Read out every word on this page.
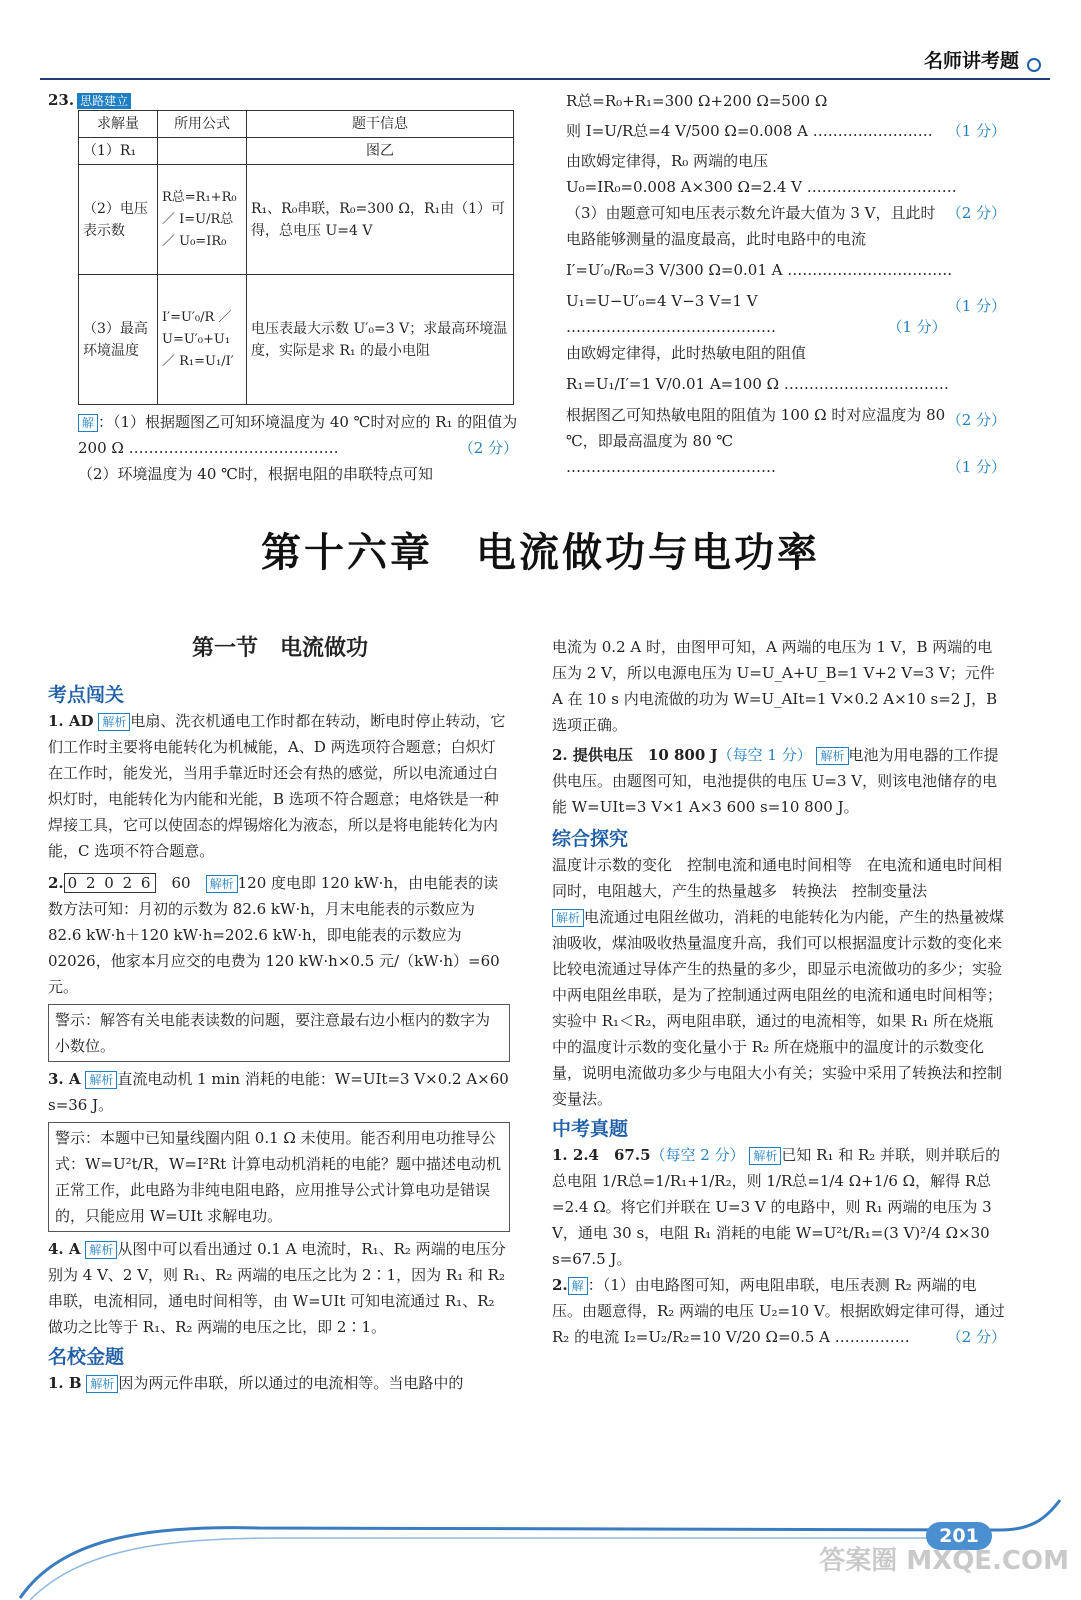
名师讲考题
23. 思路建立
求解量	所用公式	题干信息
（1）R₁		图乙
（2）电压表示数	R总=R₁+R₀ ／ I=U/R总 ／ U₀=IR₀	R₁、R₀串联，R₀=300 Ω，R₁由（1）可得，总电压 U=4 V
（3）最高环境温度	I′=U′₀/R ／ U=U′₀+U₁ ／ R₁=U₁/I′	电压表最大示数 U′₀=3 V；求最高环境温度，实际是求 R₁ 的最小电阻

解 ：（1）根据题图乙可知环境温度为 40 ℃时对应的 R₁ 的阻值为 200 Ω ……………………………………	（2 分）

（2）环境温度为 40 ℃时，根据电阻的串联特点可知

R总=R₀+R₁=300 Ω+200 Ω=500 Ω

则 I=U/R总=4 V/500 Ω=0.008 A …………………… （1 分）

由欧姆定律得，R₀ 两端的电压

U₀=IR₀=0.008 A×300 Ω=2.4 V …………………………
（2 分）

（3）由题意可知电压表示数允许最大值为 3 V，且此时电路能够测量的温度最高，此时电路中的电流

I′=U′₀/R₀=3 V/300 Ω=0.01 A ……………………………
（1 分）

U₁=U−U′₀=4 V−3 V=1 V ……………………………………	（1 分）

由欧姆定律得，此时热敏电阻的阻值

R₁=U₁/I′=1 V/0.01 A=100 Ω ……………………………
（2 分）

根据图乙可知热敏电阻的阻值为 100 Ω 时对应温度为 80 ℃，即最高温度为 80 ℃ ……………………………………	（1 分）

第十六章　电流做功与电功率
第一节　电流做功
考点闯关

1. AD 解析 电扇、洗衣机通电工作时都在转动，断电时停止转动，它们工作时主要将电能转化为机械能，A、D 两选项符合题意；白炽灯在工作时，能发光，当用手靠近时还会有热的感觉，所以电流通过白炽灯时，电能转化为内能和光能，B 选项不符合题意；电烙铁是一种焊接工具，它可以使固态的焊锡熔化为液态，所以是将电能转化为内能，C 选项不符合题意。

2. 0 2 0 2 6　 60　 解析 120 度电即 120 kW·h，由电能表的读数方法可知：月初的示数为 82.6 kW·h，月末电能表的示数应为 82.6 kW·h＋120 kW·h=202.6 kW·h，即电能表的示数应为 02026，他家本月应交的电费为 120 kW·h×0.5 元/（kW·h）=60 元。

警示：解答有关电能表读数的问题，要注意最右边小框内的数字为小数位。

3. A 解析 直流电动机 1 min 消耗的电能：W=UIt=3 V×0.2 A×60 s=36 J。

警示：本题中已知量线圈内阻 0.1 Ω 未使用。能否利用电功推导公式：W=U²t/R，W=I²Rt 计算电动机消耗的电能？题中描述电动机正常工作，此电路为非纯电阻电路，应用推导公式计算电功是错误的，只能应用 W=UIt 求解电功。

4. A 解析 从图中可以看出通过 0.1 A 电流时，R₁、R₂ 两端的电压分别为 4 V、2 V，则 R₁、R₂ 两端的电压之比为 2∶1，因为 R₁ 和 R₂ 串联，电流相同，通电时间相等，由 W=UIt 可知电流通过 R₁、R₂ 做功之比等于 R₁、R₂ 两端的电压之比，即 2∶1。

名校金题

1. B 解析 因为两元件串联，所以通过的电流相等。当电路中的

电流为 0.2 A 时，由图甲可知，A 两端的电压为 1 V，B 两端的电压为 2 V，所以电源电压为 U=U_A+U_B=1 V+2 V=3 V；元件 A 在 10 s 内电流做的功为 W=U_AIt=1 V×0.2 A×10 s=2 J，B 选项正确。

2. 提供电压　10 800 J（每空 1 分） 解析 电池为用电器的工作提供电压。由题图可知，电池提供的电压 U=3 V，则该电池储存的电能 W=UIt=3 V×1 A×3 600 s=10 800 J。

综合探究

温度计示数的变化　控制电流和通电时间相等　在电流和通电时间相同时，电阻越大，产生的热量越多　转换法　控制变量法

解析 电流通过电阻丝做功，消耗的电能转化为内能，产生的热量被煤油吸收，煤油吸收热量温度升高，我们可以根据温度计示数的变化来比较电流通过导体产生的热量的多少，即显示电流做功的多少；实验中两电阻丝串联，是为了控制通过两电阻丝的电流和通电时间相等；实验中 R₁＜R₂，两电阻串联，通过的电流相等，如果 R₁ 所在烧瓶中的温度计示数的变化量小于 R₂ 所在烧瓶中的温度计的示数变化量，说明电流做功多少与电阻大小有关；实验中采用了转换法和控制变量法。

中考真题

1. 2.4　67.5（每空 2 分） 解析 已知 R₁ 和 R₂ 并联，则并联后的总电阻 1/R总=1/R₁+1/R₂，则 1/R总=1/4 Ω+1/6 Ω，解得 R总=2.4 Ω。将它们并联在 U=3 V 的电路中，则 R₁ 两端的电压为 3 V，通电 30 s，电阻 R₁ 消耗的电能 W=U²t/R₁=(3 V)²/4 Ω×30 s=67.5 J。

2. 解 ：（1）由电路图可知，两电阻串联，电压表测 R₂ 两端的电压。由题意得，R₂ 两端的电压 U₂=10 V。根据欧姆定律可得，通过 R₂ 的电流 I₂=U₂/R₂=10 V/20 Ω=0.5 A …………… （2 分）

201
答案圈 MXQE.COM
